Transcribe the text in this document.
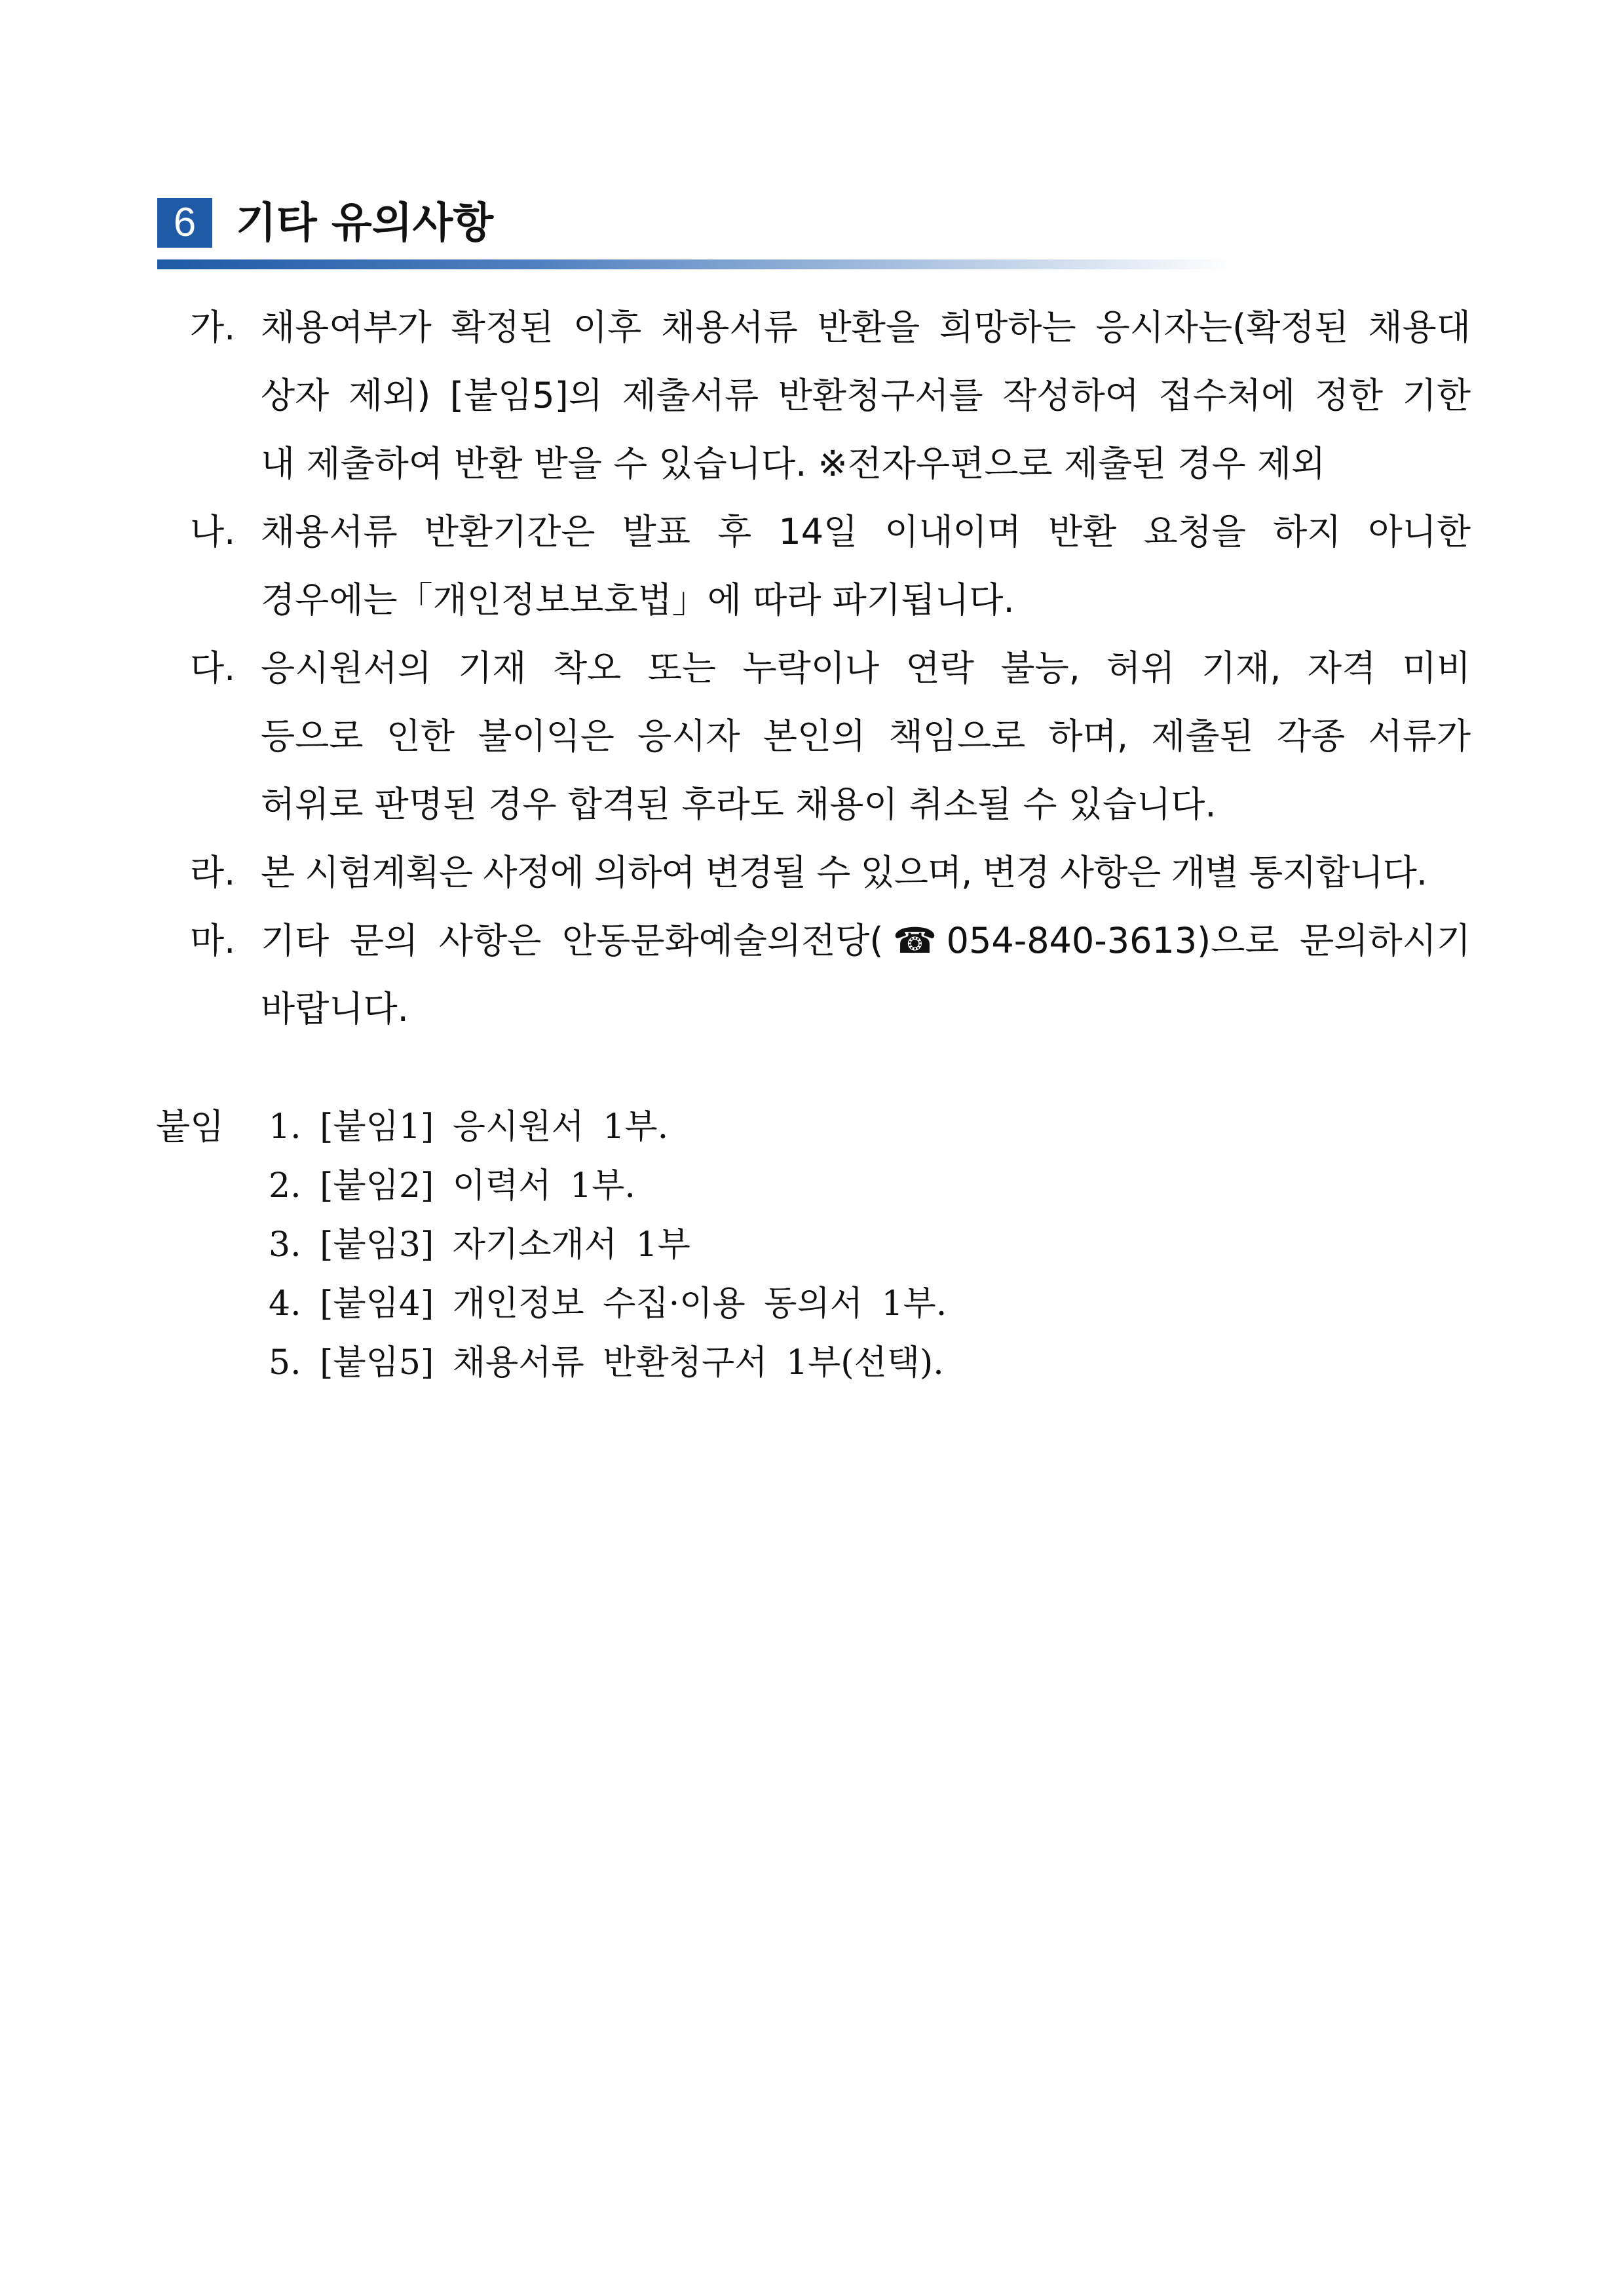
6 기타 유의사항
가. 채용여부가 확정된 이후 채용서류 반환을 희망하는 응시자는(확정된 채용대
상자 제외) [붙임5]의 제출서류 반환청구서를 작성하여 접수처에 정한 기한
내 제출하여 반환 받을 수 있습니다. ※전자우편으로 제출된 경우 제외
나. 채용서류 반환기간은 발표 후 14일 이내이며 반환 요청을 하지 아니한
경우에는「개인정보보호법」에 따라 파기됩니다.
다. 응시원서의 기재 착오 또는 누락이나 연락 불능, 허위 기재, 자격 미비
등으로 인한 불이익은 응시자 본인의 책임으로 하며, 제출된 각종 서류가
허위로 판명된 경우 합격된 후라도 채용이 취소될 수 있습니다.
라. 본 시험계획은 사정에 의하여 변경될 수 있으며, 변경 사항은 개별 통지합니다.
마. 기타 문의 사항은 안동문화예술의전당(☎054-840-3613)으로 문의하시기
바랍니다.
붙임 1. [붙임1] 응시원서 1부.
2. [붙임2] 이력서 1부.
3. [붙임3] 자기소개서 1부
4. [붙임4] 개인정보 수집·이용 동의서 1부.
5. [붙임5] 채용서류 반환청구서 1부(선택).
